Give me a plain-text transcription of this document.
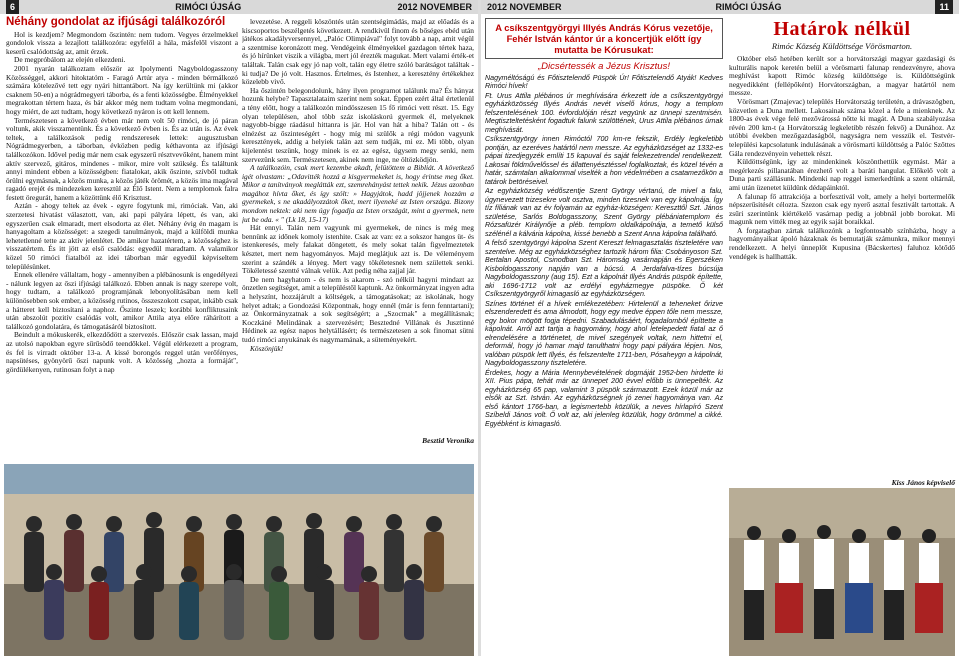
6	RIMÓCI ÚJSÁG	2012 NOVEMBER
Néhány gondolat az ifjúsági találkozóról

Hol is kezdjem? Megmondom őszintén: nem tudom. Vegyes érzelmekkel gondolok vissza a lezajlott találkozóra: egyfelől a hála, másfelől viszont a keserű csalódottság az, amit érzek.

De megpróbálom az elején elkezdeni.

2001 nyarán találkoztam először az Ipolymenti Nagyboldogasszony Közösséggel, akkori hitoktatóm - Faragó Artúr atya - minden bérmálkozó számára kötelezővé tett egy nyári hittantábort. Na így kerültünk mi (akkor csaknem 50-en) a nógrádmegyeri táborba, és a fenti közösségbe. Élményekkel megrakottan tértem haza, és bár akkor még nem tudtam volna megmondani, hogy miért, de azt tudtam, hogy következő nyáron is ott kell lennem.

Természetesen a következő évben már nem volt 50 rimóci, de jó páran voltunk, akik visszamentünk. És a következő évben is. És az után is. Az évek teltek, a találkozások pedig rendszeresek lettek: augusztusban Nógrádmegyerben, a táborban, évközben pedig kéthavonta az ifjúsági találkozókon. Idővel pedig már nem csak egyszerű résztvevőként, hanem mint aktív szervező, gitáros, mindenes - mikor, mire volt szükség. És találtunk annyi mindent ebben a közösségben: fiatalokat, akik őszinte, szívből tudtak örülni egymásnak, a közös munka, a közös játék örömét, a közös ima magával ragadó erejét és mindezeken keresztül az Élő Istent. Nem a templomok falra festett öregurát, hanem a közöttünk élő Krisztust.

Aztán - ahogy teltek az évek - egyre fogytunk mi, rimóciak. Van, aki szerzetesi hivatást választott, van, aki papi pályára lépett, és van, aki egyszerűen csak elmaradt, mert elsodorta az élet. Néhány évig én magam is hanyagoltam a közösséget: a szegedi tanulmányok, majd a külföldi munka lehetetlenné tette az aktív jelenlétet. De amikor hazatértem, a közösséghez is visszatértem. És itt jött az első csalódás: egyedül maradtam. A valamikor közel 50 rimóci fiatalból az idei táborban már egyedül képviseltem településünket.

Ennek ellenére vállaltam, hogy - amennyiben a plébánosunk is engedélyezi - nálunk legyen az őszi ifjúsági találkozó. Ebben annak is nagy szerepe volt, hogy tudtam, a találkozó programjának lebonyolításában nem kell különösebben sok ember, a közösség rutinos, összeszokott csapat, inkább csak a hátteret kell biztosítani a naphoz. Őszinte leszek; korábbi konfliktusaink után abszolút pozitív csalódás volt, amikor Attila atya előre ráhárított a találkozó gondolatára, és támogatásáról biztosított.

Beindult a mókuskerék, elkezdődött a szervezés. Először csak lassan, majd az utolsó napokban egyre sűrűsödő teendőkkel. Végül elérkezett a program, és fel is virradt október 13-a. A kissé borongós reggel után verőfényes, napsütéses, gyönyörű őszi napunk volt. A közösség „hozta a formáját", gördülékenyen, rutinosan folyt a nap

levezetése. A reggeli köszöntés után szentségimádás, majd az előadás és a kiscsoportos beszélgetés következett. A rendkívül finom és bőséges ebéd után játékos akadályversennyel, „Palóc Olimpiával" folyt tovább a nap, amit végül a szentmise koronázott meg. Vendégeink élményekkel gazdagon tértek haza, és jó hírünket viszik a világba, mert jól érezték magukat. Mert valami érték-et találtak. Talán csak egy jó nap volt, talán egy életre szóló barátságot találtak - ki tudja? De jó volt. Hasznos. Értelmes, és Istenhez, a keresztény értékekhez közelebb vivő.

Ha őszintén belegondolunk, hány ilyen programot találunk ma? És hányat hozunk helybe? Tapasztalataim szerint nem sokat. Éppen ezért által értetlenül a tény előtt, hogy a találkozón mindösszesen 15 fő rimóci vett részt. 15. Egy olyan településen, ahol több száz iskoláskorú gyermek él, melyeknek nagyobb-bigge ráadásul hittanra is jár. Hol van hát a hiba? Talán ott - és elnézést az őszinteségért - hogy míg mi szülők a régi módon vagyunk keresztények, addig a helyiek talán azt sem tudják, mi ez. Mi több, olyan kijelentést teszünk, hogy minek is ez az egész, úgysem megy senki, nem szervezünk sem. Természetesen, akinek nem inge, ne öltözködjön.

A találkozóin, csak mert kezembe akadt, felütöttem a Bibliát. A következő igét olvastam: „Odavitték hozzá a kisgyermekeket is, hogy érintse meg őket. Mikor a tanítványok meglátták ezt, szemrehányást tettek nekik. Jézus azonban magához hívta őket, és így szólt: » Hagyjátok, hadd jöjjenek hozzám a gyermekek, s ne akadályozzátok őket, mert ilyeneké az Isten országa. Bizony mondom nektek: aki nem úgy fogadja az Isten országát, mint a gyermek, nem jut be oda. « " (Lk 18, 15-17)

Hát ennyi. Talán nem vagyunk mi gyermekek, de nincs is még meg bennünk az időnek komoly istenhite. Csak az van: ez a sokszor hangos üt- és istenkeresés, mely falakat döngetett, és mely sokat talán figyelmeztetek késztet, mert nem hagyományos. Majd meglátjuk azt is. De véleményem szerint a szándék a lényeg. Mert vagy tökéletesnek nem születtek senki. Tökéletessé szentté válnak velük. Azt pedig néha zajjal jár.

De nem hagyhatom - és nem is akarom - szó nélkül hagyni mindazt az önzetlen segítséget, amit a településtől kaptunk. Az önkormányzat ingyen adta a helyszínt, hozzájárult a költségek, a támogatásokat; az iskolának, hogy helyet adtak; a Gondozási Központnak, hogy ennél (már is fenn fenntartani); az Önkormányzatnak a sok segítségért; a „Szocmak" a megállításnak; Koczkáné Melindának a szervezésért; Besztedné Villának és Jusztinné Hédinek az egész napos helytállásért; és természetesen a sok finomat sütni tudó rimóci anyukának és nagymamának, a süteményekért.

Köszönjük!

Besztid Veronika
2012 NOVEMBER	RIMÓCI ÚJSÁG	11
A csíkszentgyörgyi Illyés András Kórus vezetője, Fehér István kántor úr a koncertjük előtt így mutatta be Kórusukat:
„Dicsértessék a Jézus Krisztus!

Nagyméltóságú és Főtisztelendő Püspök Úr! Főtisztelendő Atyák! Kedves Rimóci hívek!

Ft. Urus Attila plébános úr meghívására érkezett ide a csíkszentgyörgyi egyházközösség Illyés András nevét viselő kórus, hogy a templom felszentelésének 100. évfordulóján részt vegyünk az ünnepi szentmisén. Megtiszteltetésként fogadtuk falunk szülöttének, Urus Attila plébános úrnak meghívását.

Csíkszentgyörgy innen Rimóctól 700 km-re fekszik, Erdély legkeletibb pontján, az ezeréves határtól nem messze. Az egyházközséget az 1332-es pápai tizedjegyzék említi 15 kapuval és saját felekezetrendel rendelkezett. Lakosai földművelőssel és állattenyésztéssel foglalkoztak, és közel tévén a határ, számtalan alkalommal viselték a hon védelmében a csatamezőkön a tatárok betöréseivel.

Az egyházközség védőszentje Szent György vértanú, de mivel a falu, úgynevezett trizesekre volt osztva, minden tizesnek van egy kápolnája. Így tíz fíliának van az év folyamán az egyház-községen: Kereszttől Szt. János születése, Sarlós Boldogasszony, Szent György plébániatemplom és Rózsafüzér Királynője a pléb. templom oldalkápolnája, a temető külső szélénél a kálvária kápolna, kissé benebb a Szent Anna kápolna található.

A felső szentgyörgyi kápolna Szent Kereszt felmagasztalás tiszteletére van szentelve. Még az egyházközséghez tartozik három filia: Csobányoson Szt. Bertalan Apostol, Csinodban Szt. Háromság vasárnapján és Egerszéken Kisboldogasszony napján van a búcsú. A Jerdafalva-tízes búcsúja Nagyboldogasszony (aug 15). Ezt a kápolnát Illyés András püspök építette, aki 1696-1712 volt az erdélyi egyházmegye püspöke. Ő két Csíkszentgyörgyről kimagasló az egyházközségen.

Színes történet él a hívek emlékezetében: Hirtelenül a teheneket őrizve elszenderedett és ama álmodott, hogy egy medve éppen tőle nem messze, egy bokor mögött fogja tépedni. Szabadulásáért, fogadalomból építtette a kápolnát. Arról azt tartja a hagyomány, hogy ahol letelepedett fiatal az ő elrendelésére a történetet, de mivel szegények voltak, nem hittetni el, deformál, hogy jó hamar majd tanulthatni hogy papi pályára lépjen. Nos, valóban püspök lett Illyés, és felszentelte 1711-ben, Pósaheygn a kápolnát, Nagyboldogasszony tiszteletére.

Érdekes, hogy a Mária Mennybevételének dogmáját 1952-ben hirdette ki XII. Pius pápa, tehát már az ünnepet 200 évvel előbb is ünnepelték. Az egyházközség 65 pap, valamint 3 püspök származott. Ezek közül már az elsők az Szt. István. Az egyházközségnek jó zenei hagyománya van. Az első kántort 1766-ban, a legismertebb közülük, a neves hírlapíró Szent Szíbeldi János volt. Ő volt az, aki jelenleg közülük, hogy örömmel a cikké. Egyébként is kimagasló.

Határok nélkül
Rimóc Község Küldöttsége Vörösmarton.

Október első hetében került sor a horvátországi magyar gazdasági és kulturális napok keretén belül a vörösmarti falunap rendezvényre, ahova meghívást kapott Rimóc község küldöttsége is. Küldöttségünk negyedikként (fellépőként) Horvátországban, a magyar határtól nem messze.

Vörösmart (Zmajevac) település Horvátország területén, a drávaszögben, közvetlen a Duna mellett. Lakosainak száma közel a fele a mienknek. Az 1800-as évek vége felé mezővárossá nőtte ki magát. A Duna szabályozása révén 200 km-t (a Horvátország legkeletibb részén fekvő) a Dunához. Az utóbbi években mezőgazdaságból, nagyságra nem vesszük el. Testvér-települési kapcsolatunk indulásának a vörösmarti küldöttség a Palóc Szőttes Gála rendezvényein vehettek részt.

Küldöttségünk, így az mindenkinek köszönthettük egymást. Már a megérkezés pillanatában érezhető volt a baráti hangulat. Előkelő volt a Duna parti szállásunk. Mindenki nap reggel ismerkedtünk a szent oltárnál, ami után üzenetet küldünk dédapáinktól.

A falunap fő attrakciója a borfesztivál volt, amely a helyi bortermelők népszerűsítését célozta. Szezon csak egy nyerő asztal fesztivált tartottak. A zsűri szerintünk kiértékelő vasárnap pedig a jobbnál jobb borokat. Mi magunk nem vitték meg az egyik saját boraikkal.

A forgatagban zártak találkozónk a legfontosabb színházba, hogy a hagyományaikat ápoló házaknak és bemutatják számunkra, mikor mennyi rendelkezett. A helyi ünneplőt Kupusina (Bácskertes) faluhoz kötődő vendégek is hallhatták.

Kiss János képviselő
